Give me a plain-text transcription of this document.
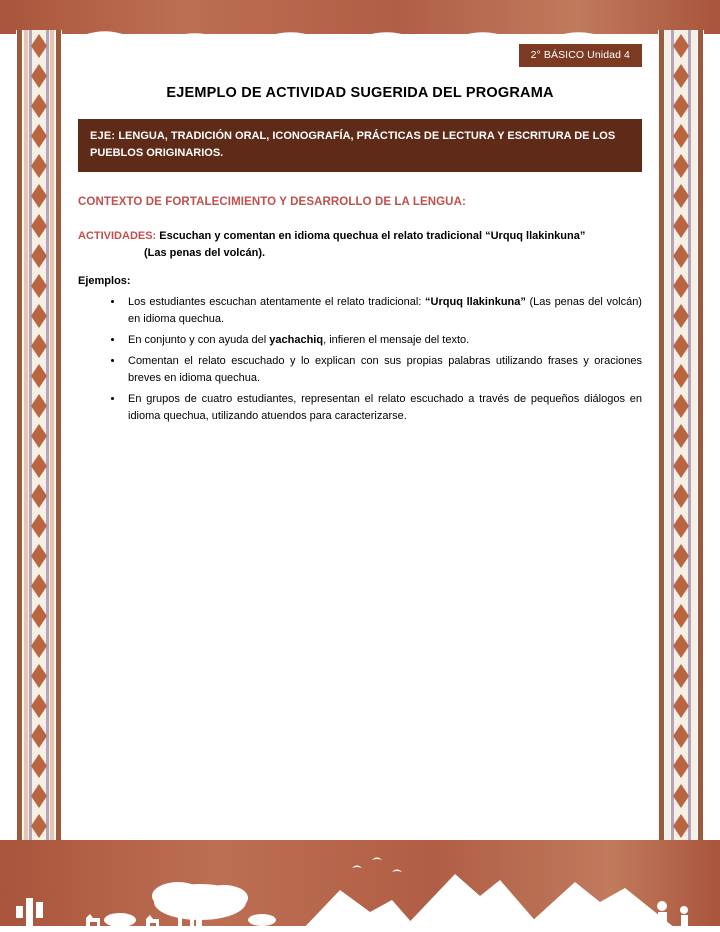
2° BÁSICO Unidad 4
EJEMPLO DE ACTIVIDAD SUGERIDA DEL PROGRAMA
EJE: LENGUA, TRADICIÓN ORAL, ICONOGRAFÍA, PRÁCTICAS DE LECTURA Y ESCRITURA DE LOS PUEBLOS ORIGINARIOS.
CONTEXTO DE FORTALECIMIENTO Y DESARROLLO DE LA LENGUA:
ACTIVIDADES: Escuchan y comentan en idioma quechua el relato tradicional “Urquq llakinkuna”
(Las penas del volcán).
Ejemplos:
• Los estudiantes escuchan atentamente el relato tradicional: “Urquq llakinkuna” (Las penas del volcán) en idioma quechua.
• En conjunto y con ayuda del yachachiq, infieren el mensaje del texto.
• Comentan el relato escuchado y lo explican con sus propias palabras utilizando frases y oraciones breves en idioma quechua.
• En grupos de cuatro estudiantes, representan el relato escuchado a través de pequeños diálogos en idioma quechua, utilizando atuendos para caracterizarse.
